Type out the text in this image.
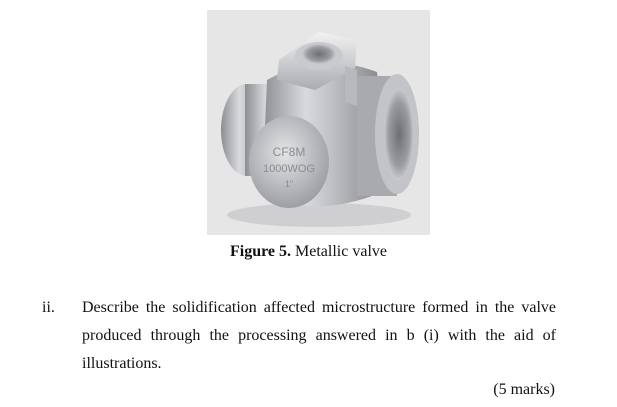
CF8M
1000WOG
1"
Figure 5. Metallic valve
ii. Describe the solidification affected microstructure formed in the valve produced through the processing answered in b (i) with the aid of illustrations.
(5 marks)
